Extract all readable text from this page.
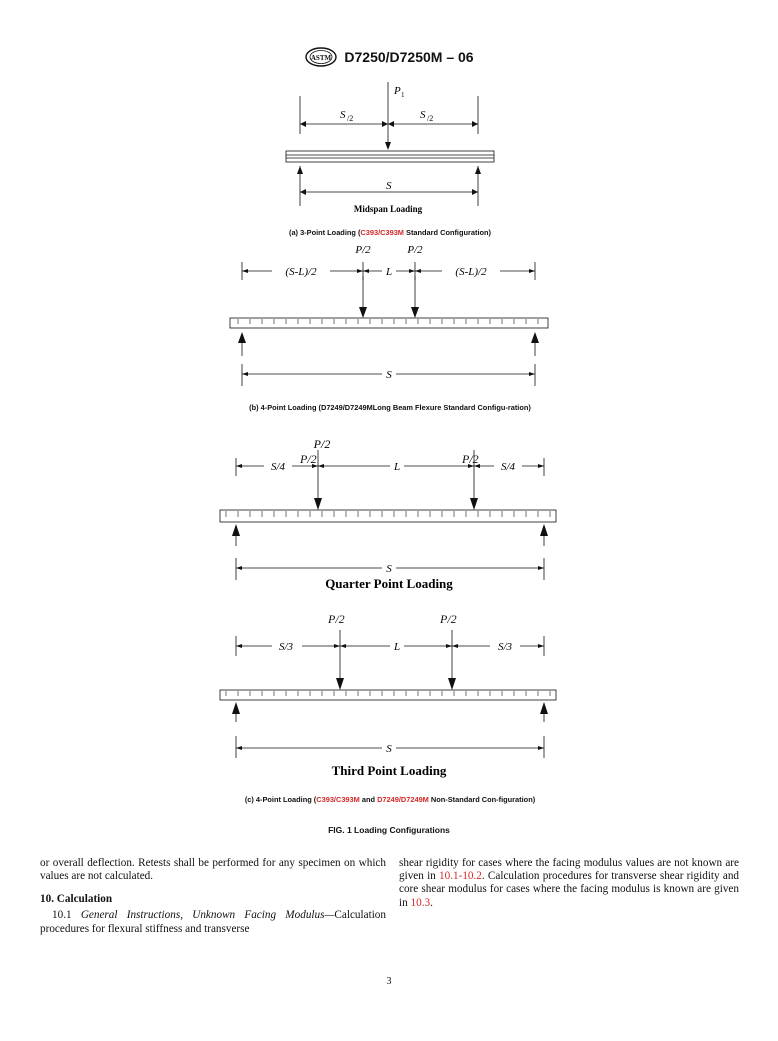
ASTM D7250/D7250M – 06
P 1
S /2	S /2
S
Midspan Loading
(a) 3-Point Loading (C393/C393M Standard Configuration)
P/2	P/2
(S-L)/2	L	(S-L)/2
S
(b) 4-Point Loading (D7249/D7249MLong Beam Flexure Standard Configu-ration)
P/2
S/4	L	S/4
S
Quarter Point Loading
P/2	P/2
S/3	L	S/3
S
Third Point Loading
P/2	P/2
(c) 4-Point Loading (C393/C393M and D7249/D7249M Non-Standard Con-figuration)
FIG. 1 Loading Configurations
or overall deflection. Retests shall be performed for any specimen on which values are not calculated.
10. Calculation
10.1 General Instructions, Unknown Facing Modulus—Calculation procedures for flexural stiffness and transverse
shear rigidity for cases where the facing modulus values are not known are given in 10.1-10.2. Calculation procedures for transverse shear rigidity and core shear modulus for cases where the facing modulus is known are given in 10.3.
3
